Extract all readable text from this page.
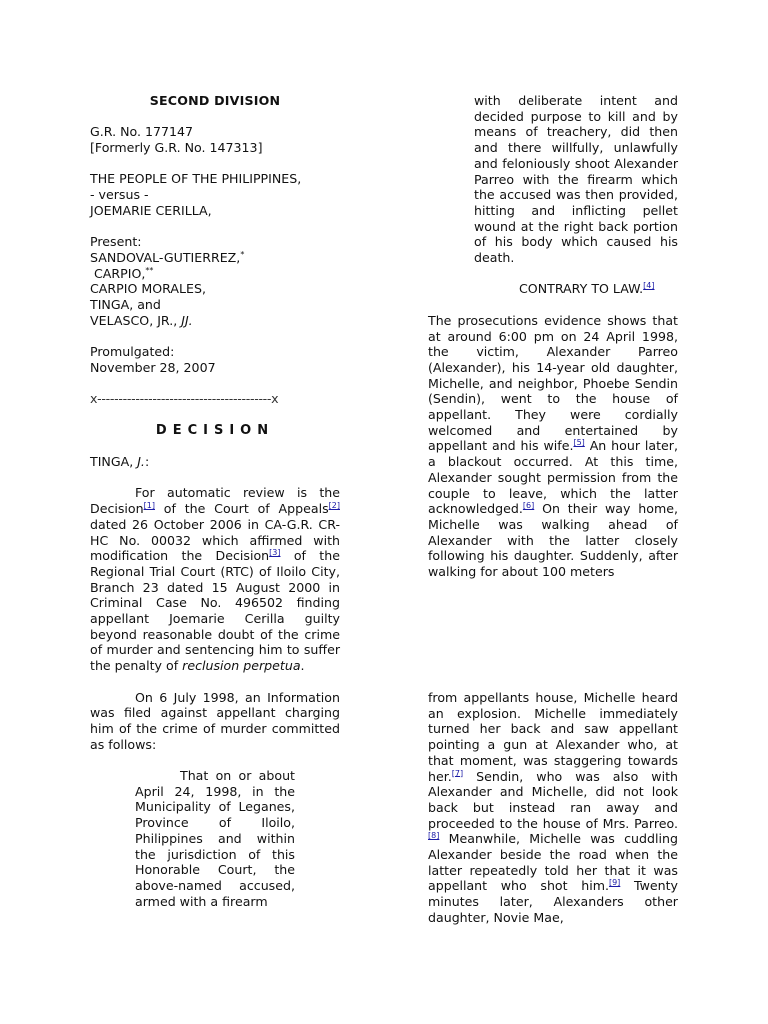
SECOND DIVISION

G.R. No. 177147

[Formerly G.R. No. 147313]

THE PEOPLE OF THE PHILIPPINES,

- versus -

JOEMARIE CERILLA,

Present:

SANDOVAL-GUTIERREZ,*

CARPIO,**

CARPIO MORALES,

TINGA, and

VELASCO, JR., JJ.

Promulgated:

November 28, 2007

x-----------------------------------------x

DECISION

TINGA, J.:

For automatic review is the Decision[1] of the Court of Appeals[2] dated 26 October 2006 in CA-G.R. CR-HC No. 00032 which affirmed with modification the Decision[3] of the Regional Trial Court (RTC) of Iloilo City, Branch 23 dated 15 August 2000 in Criminal Case No. 496502 finding appellant Joemarie Cerilla guilty beyond reasonable doubt of the crime of murder and sentencing him to suffer the penalty of reclusion perpetua.

On 6 July 1998, an Information was filed against appellant charging him of the crime of murder committed as follows:

That on or about April 24, 1998, in the Municipality of Leganes, Province of Iloilo, Philippines and within the jurisdiction of this Honorable Court, the above-named accused, armed with a firearm

with deliberate intent and decided purpose to kill and by means of treachery, did then and there willfully, unlawfully and feloniously shoot Alexander Parreo with the firearm which the accused was then provided, hitting and inflicting pellet wound at the right back portion of his body which caused his death.

CONTRARY TO LAW.[4]

The prosecutions evidence shows that at around 6:00 pm on 24 April 1998, the victim, Alexander Parreo (Alexander), his 14-year old daughter, Michelle, and neighbor, Phoebe Sendin (Sendin), went to the house of appellant. They were cordially welcomed and entertained by appellant and his wife.[5] An hour later, a blackout occurred. At this time, Alexander sought permission from the couple to leave, which the latter acknowledged.[6] On their way home, Michelle was walking ahead of Alexander with the latter closely following his daughter. Suddenly, after walking for about 100 meters

from appellants house, Michelle heard an explosion. Michelle immediately turned her back and saw appellant pointing a gun at Alexander who, at that moment, was staggering towards her.[7] Sendin, who was also with Alexander and Michelle, did not look back but instead ran away and proceeded to the house of Mrs. Parreo.[8] Meanwhile, Michelle was cuddling Alexander beside the road when the latter repeatedly told her that it was appellant who shot him.[9] Twenty minutes later, Alexanders other daughter, Novie Mae,
